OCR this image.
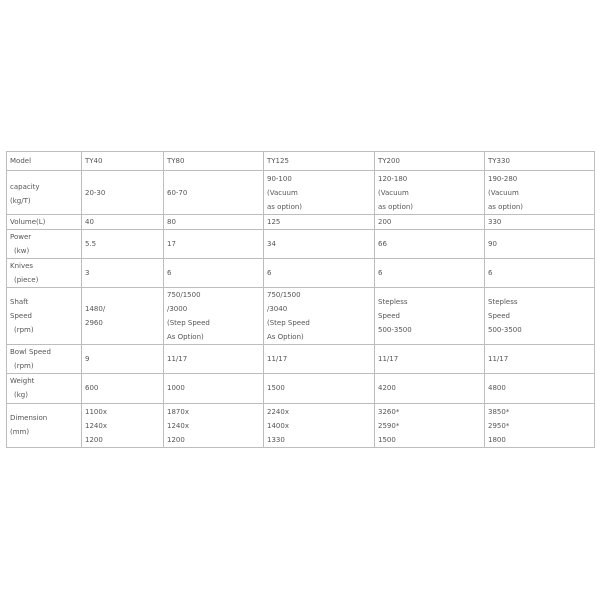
Model	TY40	TY80	TY125	TY200	TY330

capacity
(kg/T)	20-30	60-70	90-100
(Vacuum
as option)	120-180
(Vacuum
as option)	190-280
(Vacuum
as option)

Volume(L)	40	80	125	200	330

Power
(kw)	5.5	17	34	66	90

Knives
(piece)	3	6	6	6	6

Shaft
Speed
(rpm)	1480/
2960	750/1500
/3000
(Step Speed
As Option)	750/1500
/3040
(Step Speed
As Option)	Stepless
Speed
500-3500	Stepless
Speed
500-3500

Bowl Speed
(rpm)	9	11/17	11/17	11/17	11/17

Weight
(kg)	600	1000	1500	4200	4800

Dimension
(mm)	1100x
1240x
1200	1870x
1240x
1200	2240x
1400x
1330	3260*
2590*
1500	3850*
2950*
1800
